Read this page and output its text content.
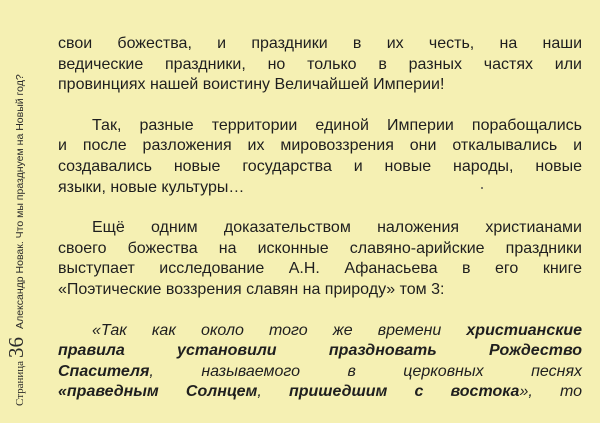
Страница
36
Александр Новак. Что мы празднуем на Новый год?

свои божества, и праздники в их честь, на наши
ведические праздники, но только в разных частях или
провинциях нашей воистину Величайшей Империи!

Так, разные территории единой Империи порабощались
и после разложения их мировоззрения они откалывались и
создавались новые государства и новые народы, новые
языки, новые культуры…

Ещё одним доказательством наложения христианами
своего божества на исконные славяно-арийские праздники
выступает исследование А.Н. Афанасьева в его книге
«Поэтические воззрения славян на природу» том 3:

«Так как около того же времени христианские
правила установили праздновать Рождество
Спасителя, называемого в церковных песнях
«праведным Солнцем, пришедшим с востока», то
